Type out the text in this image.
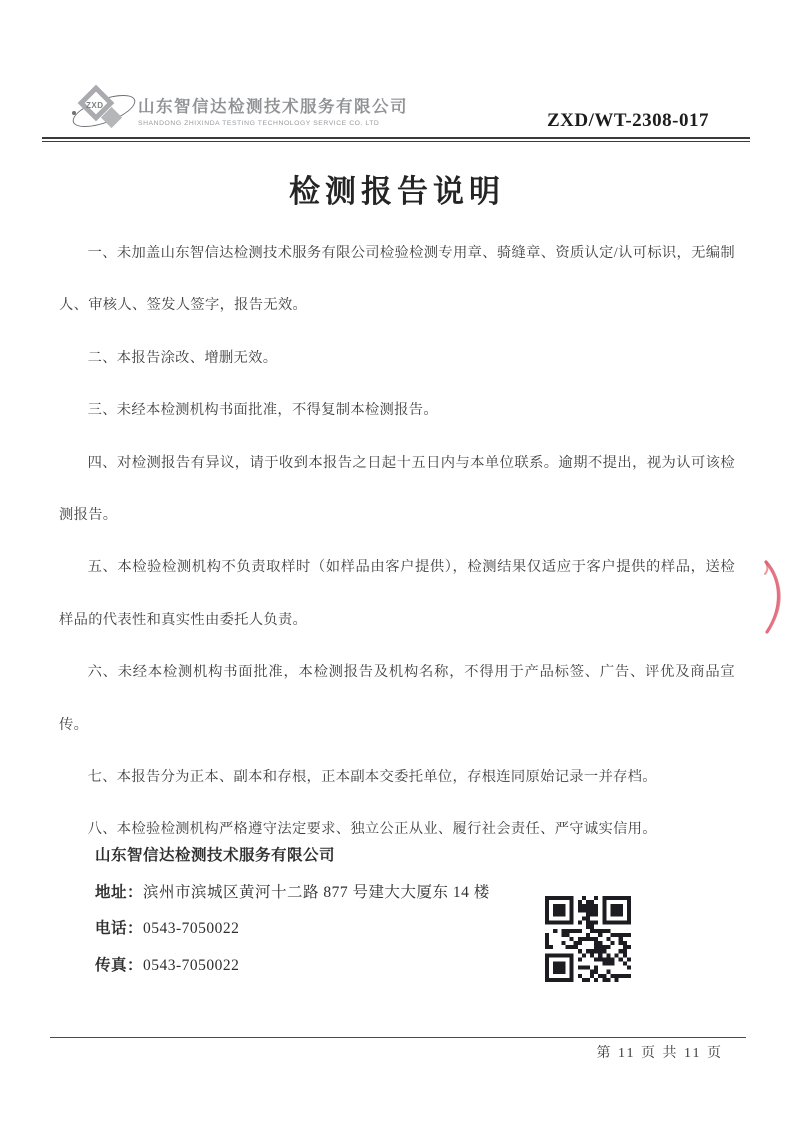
ZXD 山东智信达检测技术服务有限公司
SHANDONG ZHIXINDA TESTING TECHNOLOGY SERVICE CO. LTD	ZXD/WT-2308-017
检测报告说明

一、未加盖山东智信达检测技术服务有限公司检验检测专用章、骑缝章、资质认定/认可标识，无编制人、审核人、签发人签字，报告无效。

二、本报告涂改、增删无效。

三、未经本检测机构书面批准，不得复制本检测报告。

四、对检测报告有异议，请于收到本报告之日起十五日内与本单位联系。逾期不提出，视为认可该检测报告。

五、本检验检测机构不负责取样时（如样品由客户提供），检测结果仅适应于客户提供的样品，送检样品的代表性和真实性由委托人负责。

六、未经本检测机构书面批准，本检测报告及机构名称，不得用于产品标签、广告、评优及商品宣传。

七、本报告分为正本、副本和存根，正本副本交委托单位，存根连同原始记录一并存档。

八、本检验检测机构严格遵守法定要求、独立公正从业、履行社会责任、严守诚实信用。

山东智信达检测技术服务有限公司
地址：滨州市滨城区黄河十二路 877 号建大大厦东 14 楼
电话：0543-7050022
传真：0543-7050022
第 11 页 共 11 页
